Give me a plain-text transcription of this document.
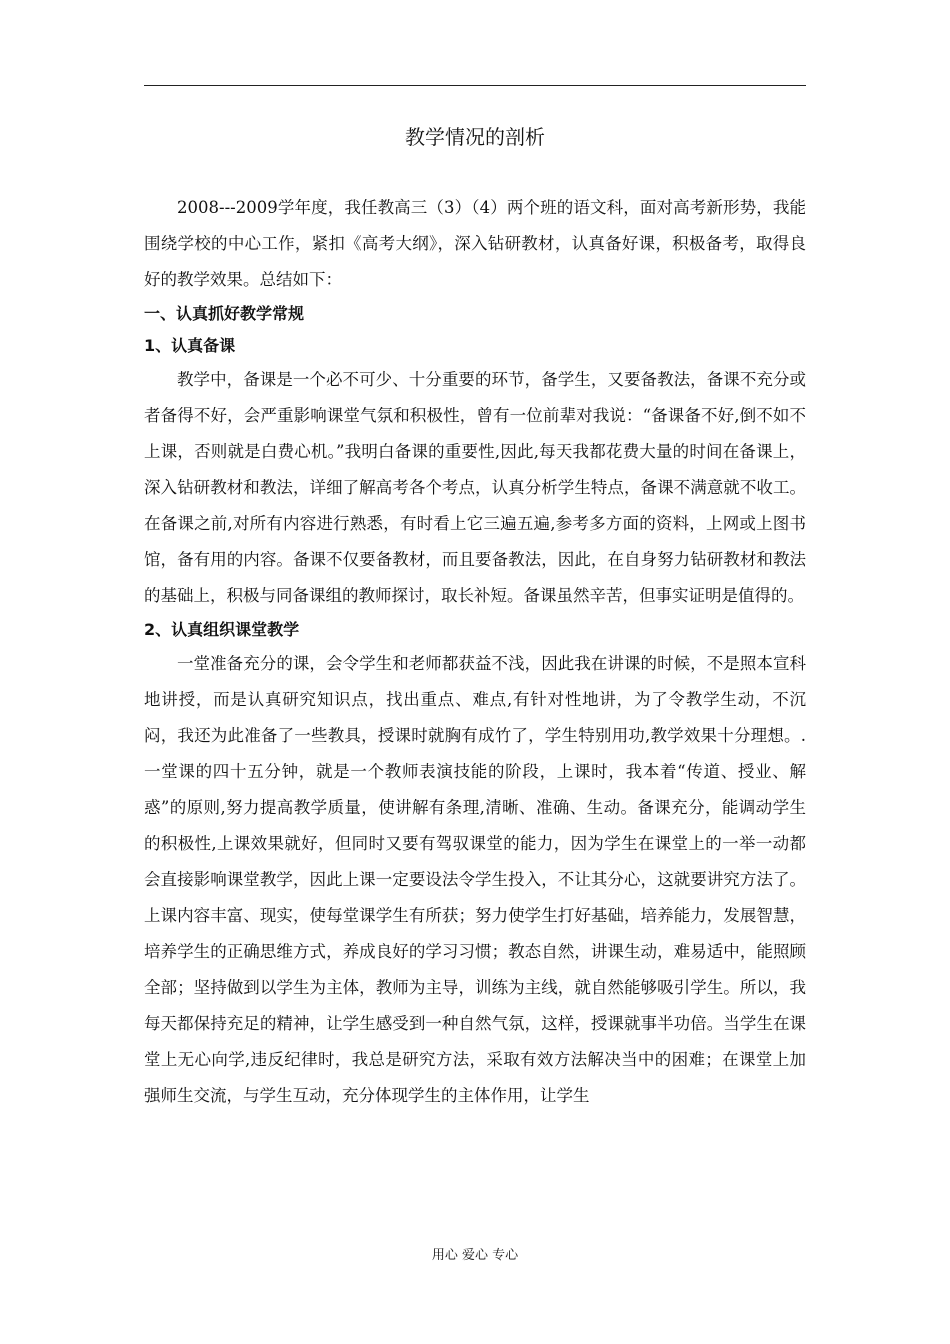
教学情况的剖析

2008---2009学年度，我任教高三（3）（4）两个班的语文科，面对高考新形势，我能围绕学校的中心工作，紧扣《高考大纲》，深入钻研教材，认真备好课，积极备考，取得良好的教学效果。总结如下：

一、认真抓好教学常规
1、认真备课

教学中，备课是一个必不可少、十分重要的环节，备学生，又要备教法，备课不充分或者备得不好，会严重影响课堂气氛和积极性，曾有一位前辈对我说：“备课备不好,倒不如不上课，否则就是白费心机。”我明白备课的重要性,因此,每天我都花费大量的时间在备课上，深入钻研教材和教法，详细了解高考各个考点，认真分析学生特点，备课不满意就不收工。在备课之前,对所有内容进行熟悉，有时看上它三遍五遍,参考多方面的资料，上网或上图书馆，备有用的内容。备课不仅要备教材，而且要备教法，因此，在自身努力钻研教材和教法的基础上，积极与同备课组的教师探讨，取长补短。备课虽然辛苦，但事实证明是值得的。

2、认真组织课堂教学

一堂准备充分的课，会令学生和老师都获益不浅，因此我在讲课的时候，不是照本宣科地讲授，而是认真研究知识点，找出重点、难点,有针对性地讲，为了令教学生动，不沉闷，我还为此准备了一些教具，授课时就胸有成竹了，学生特别用功,教学效果十分理想。.一堂课的四十五分钟，就是一个教师表演技能的阶段，上课时，我本着“传道、授业、解惑”的原则,努力提高教学质量，使讲解有条理,清晰、准确、生动。备课充分，能调动学生的积极性,上课效果就好，但同时又要有驾驭课堂的能力，因为学生在课堂上的一举一动都会直接影响课堂教学，因此上课一定要设法令学生投入，不让其分心，这就要讲究方法了。上课内容丰富、现实，使每堂课学生有所获；努力使学生打好基础，培养能力，发展智慧，培养学生的正确思维方式，养成良好的学习习惯；教态自然，讲课生动，难易适中，能照顾全部；坚持做到以学生为主体，教师为主导，训练为主线，就自然能够吸引学生。所以，我每天都保持充足的精神，让学生感受到一种自然气氛，这样，授课就事半功倍。当学生在课堂上无心向学,违反纪律时，我总是研究方法，采取有效方法解决当中的困难；在课堂上加强师生交流，与学生互动，充分体现学生的主体作用，让学生

用心 爱心 专心
